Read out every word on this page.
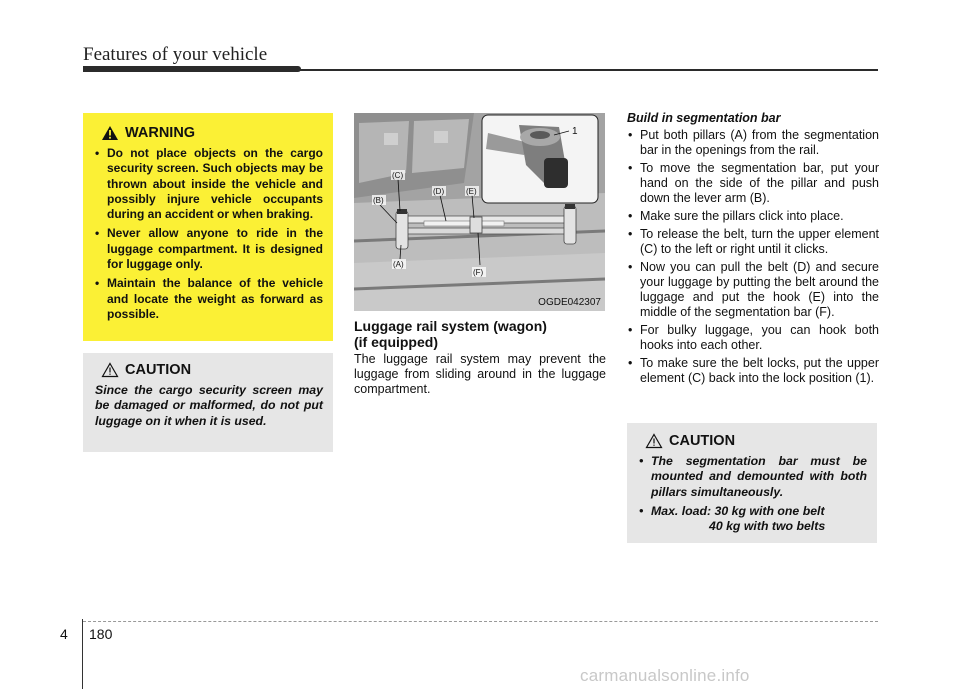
Features of your vehicle
WARNING
• Do not place objects on the cargo security screen. Such objects may be thrown about inside the vehicle and possibly injure vehicle occupants during an accident or when braking.
• Never allow anyone to ride in the luggage compartment. It is designed for luggage only.
• Maintain the balance of the vehicle and locate the weight as forward as possible.
CAUTION

Since the cargo security screen may be damaged or malformed, do not put luggage on it when it is used.

(C)
(B)
(D)	(E)
(A)
(F)
1
OGDE042307
Luggage rail system (wagon)
(if equipped)

The luggage rail system may prevent the luggage from sliding around in the luggage compartment.

Build in segmentation bar
• Put both pillars (A) from the segmentation bar in the openings from the rail.
• To move the segmentation bar, put your hand on the side of the pillar and push down the lever arm (B).
• Make sure the pillars click into place.
• To release the belt, turn the upper element (C) to the left or right until it clicks.
• Now you can pull the belt (D) and secure your luggage by putting the belt around the luggage and put the hook (E) into the middle of the segmentation bar (F).
• For bulky luggage, you can hook both hooks into each other.
• To make sure the belt locks, put the upper element (C) back into the lock position (1).
CAUTION
• The segmentation bar must be mounted and demounted with both pillars simultaneously.
• Max. load: 30 kg with one belt
40 kg with two belts
4 180
carmanualsonline.info
